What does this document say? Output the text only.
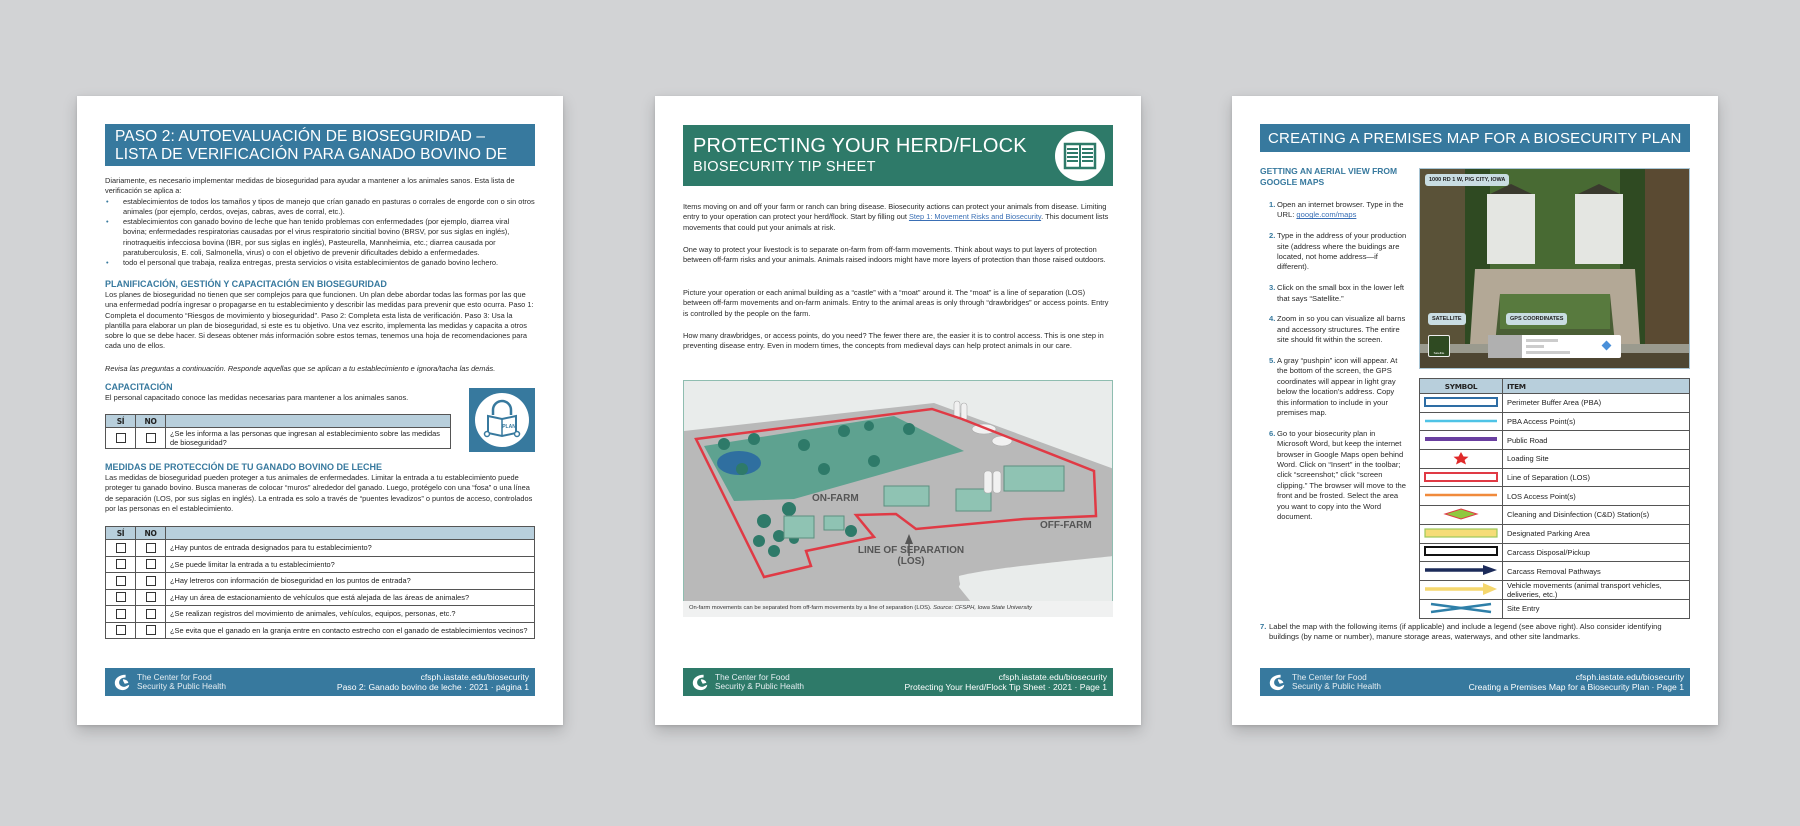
PASO 2: AUTOEVALUACIÓN DE BIOSEGURIDAD – LISTA DE VERIFICACIÓN PARA GANADO BOVINO DE LECHE

Diariamente, es necesario implementar medidas de bioseguridad para ayudar a mantener a los animales sanos. Esta lista de verificación se aplica a:

• establecimientos de todos los tamaños y tipos de manejo que crían ganado en pasturas o corrales de engorde con o sin otros animales (por ejemplo, cerdos, ovejas, cabras, aves de corral, etc.).
• establecimientos con ganado bovino de leche que han tenido problemas con enfermedades (por ejemplo, diarrea viral bovina; enfermedades respiratorias causadas por el virus respiratorio sincitial bovino (BRSV, por sus siglas en inglés), rinotraqueitis infecciosa bovina (IBR, por sus siglas en inglés), Pasteurella, Mannheimia, etc.; diarrea causada por paratuberculosis, E. coli, Salmonella, virus) o con el objetivo de prevenir dificultades debido a enfermedades.
• todo el personal que trabaja, realiza entregas, presta servicios o visita establecimientos de ganado bovino lechero.
PLANIFICACIÓN, GESTIÓN Y CAPACITACIÓN EN BIOSEGURIDAD

Los planes de bioseguridad no tienen que ser complejos para que funcionen. Un plan debe abordar todas las formas por las que una enfermedad podría ingresar o propagarse en tu establecimiento y describir las medidas para prevenir que esto ocurra. Paso 1: Completa el documento “Riesgos de movimiento y bioseguridad”. Paso 2: Completa esta lista de verificación. Paso 3: Usa la plantilla para elaborar un plan de bioseguridad, si este es tu objetivo. Una vez escrito, implementa las medidas y capacita a otros sobre lo que se debe hacer. Si deseas obtener más información sobre estos temas, tenemos una hoja de recomendaciones para cada uno de ellos.

Revisa las preguntas a continuación. Responde aquellas que se aplican a tu establecimiento e ignora/tacha las demás.

CAPACITACIÓN

El personal capacitado conoce las medidas necesarias para mantener a los animales sanos.

PLAN
SÍ	NO	
		¿Se les informa a las personas que ingresan al establecimiento sobre las medidas de bioseguridad?
MEDIDAS DE PROTECCIÓN DE TU GANADO BOVINO DE LECHE

Las medidas de bioseguridad pueden proteger a tus animales de enfermedades. Limitar la entrada a tu establecimiento puede proteger tu ganado bovino. Busca maneras de colocar “muros” alrededor del ganado. Luego, protégelo con una “fosa” o una línea de separación (LOS, por sus siglas en inglés). La entrada es solo a través de “puentes levadizos” o puntos de acceso, controlados por las personas en el establecimiento.

SÍ	NO	
		¿Hay puntos de entrada designados para tu establecimiento?
		¿Se puede limitar la entrada a tu establecimiento?
		¿Hay letreros con información de bioseguridad en los puntos de entrada?
		¿Hay un área de estacionamiento de vehículos que está alejada de las áreas de animales?
		¿Se realizan registros del movimiento de animales, vehículos, equipos, personas, etc.?
		¿Se evita que el ganado en la granja entre en contacto estrecho con el ganado de establecimientos vecinos?
The Center for Food
Security & Public Health
cfsph.iastate.edu/biosecurity
Paso 2: Ganado bovino de leche · 2021 · página 1
PROTECTING YOUR HERD/FLOCK
BIOSECURITY TIP SHEET

Items moving on and off your farm or ranch can bring disease. Biosecurity actions can protect your animals from disease. Limiting entry to your operation can protect your herd/flock. Start by filling out Step 1: Movement Risks and Biosecurity. This document lists movements that could put your animals at risk.

One way to protect your livestock is to separate on-farm from off-farm movements. Think about ways to put layers of protection between off-farm risks and your animals. Animals raised indoors might have more layers of protection than those raised outdoors.

Picture your operation or each animal building as a “castle” with a “moat” around it. The “moat” is a line of separation (LOS) between off-farm movements and on-farm animals. Entry to the animal areas is only through “drawbridges” or access points. Entry is controlled by the people on the farm.

How many drawbridges, or access points, do you need? The fewer there are, the easier it is to control access. This is one step in preventing disease entry. Even in modern times, the concepts from medieval days can help protect animals in our care.

ON-FARM
OFF-FARM
LINE OF SEPARATION
(LOS)
On-farm movements can be separated from off-farm movements by a line of separation (LOS). Source: CFSPH, Iowa State University
The Center for Food
Security & Public Health
cfsph.iastate.edu/biosecurity
Protecting Your Herd/Flock Tip Sheet · 2021 · Page 1
CREATING A PREMISES MAP FOR A BIOSECURITY PLAN
GETTING AN AERIAL VIEW FROM GOOGLE MAPS
1. Open an internet browser. Type in the URL: google.com/maps
2. Type in the address of your production site (address where the buidings are located, not home address—if different).
3. Click on the small box in the lower left that says “Satellite.”
4. Zoom in so you can visualize all barns and accessory structures. The entire site should fit within the screen.
5. A gray “pushpin” icon will appear. At the bottom of the screen, the GPS coordinates will appear in light gray below the location’s address. Copy this information to include in your premises map.
6. Go to your biosecurity plan in Microsoft Word, but keep the internet browser in Google Maps open behind Word. Click on “Insert” in the toolbar; click “screenshot;” click “screen clipping.” The browser will move to the front and be frosted. Select the area you want to copy into the Word document.
1000 RD 1 W, PIG CITY, IOWA
SATELLITE	GPS COORDINATES
Satellite
SYMBOL	ITEM
	Perimeter Buffer Area (PBA)
	PBA Access Point(s)
	Public Road
	Loading Site
	Line of Separation (LOS)
	LOS Access Point(s)
	Cleaning and Disinfection (C&D) Station(s)
	Designated Parking Area
	Carcass Disposal/Pickup
	Carcass Removal Pathways
	Vehicle movements (animal transport vehicles, deliveries, etc.)
	Site Entry
7. Label the map with the following items (if applicable) and include a legend (see above right). Also consider identifying buildings (by name or number), manure storage areas, waterways, and other site landmarks.
The Center for Food
Security & Public Health
cfsph.iastate.edu/biosecurity
Creating a Premises Map for a Biosecurity Plan · Page 1
